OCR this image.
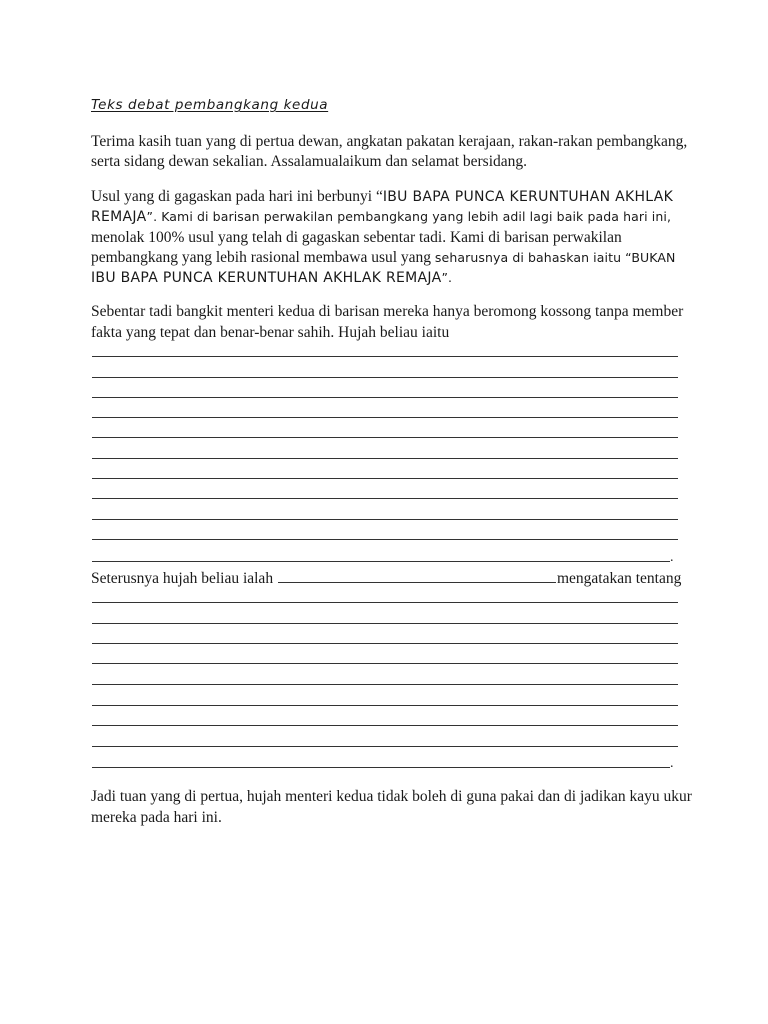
Teks debat pembangkang kedua
Terima kasih tuan yang di pertua dewan, angkatan pakatan kerajaan, rakan-rakan pembangkang,
serta sidang dewan sekalian. Assalamualaikum dan selamat bersidang.
Usul yang di gagaskan pada hari ini berbunyi “IBU BAPA PUNCA KERUNTUHAN AKHLAK
REMAJA”. Kami di barisan perwakilan pembangkang yang lebih adil lagi baik pada hari ini,
menolak 100% usul yang telah di gagaskan sebentar tadi. Kami di barisan perwakilan
pembangkang yang lebih rasional membawa usul yang seharusnya di bahaskan iaitu “BUKAN
IBU BAPA PUNCA KERUNTUHAN AKHLAK REMAJA”.
Sebentar tadi bangkit menteri kedua di barisan mereka hanya beromong kossong tanpa member
fakta yang tepat dan benar-benar sahih. Hujah beliau iaitu
.
Seterusnya hujah beliau ialah	mengatakan tentang
.
Jadi tuan yang di pertua, hujah menteri kedua tidak boleh di guna pakai dan di jadikan kayu ukur
mereka pada hari ini.
